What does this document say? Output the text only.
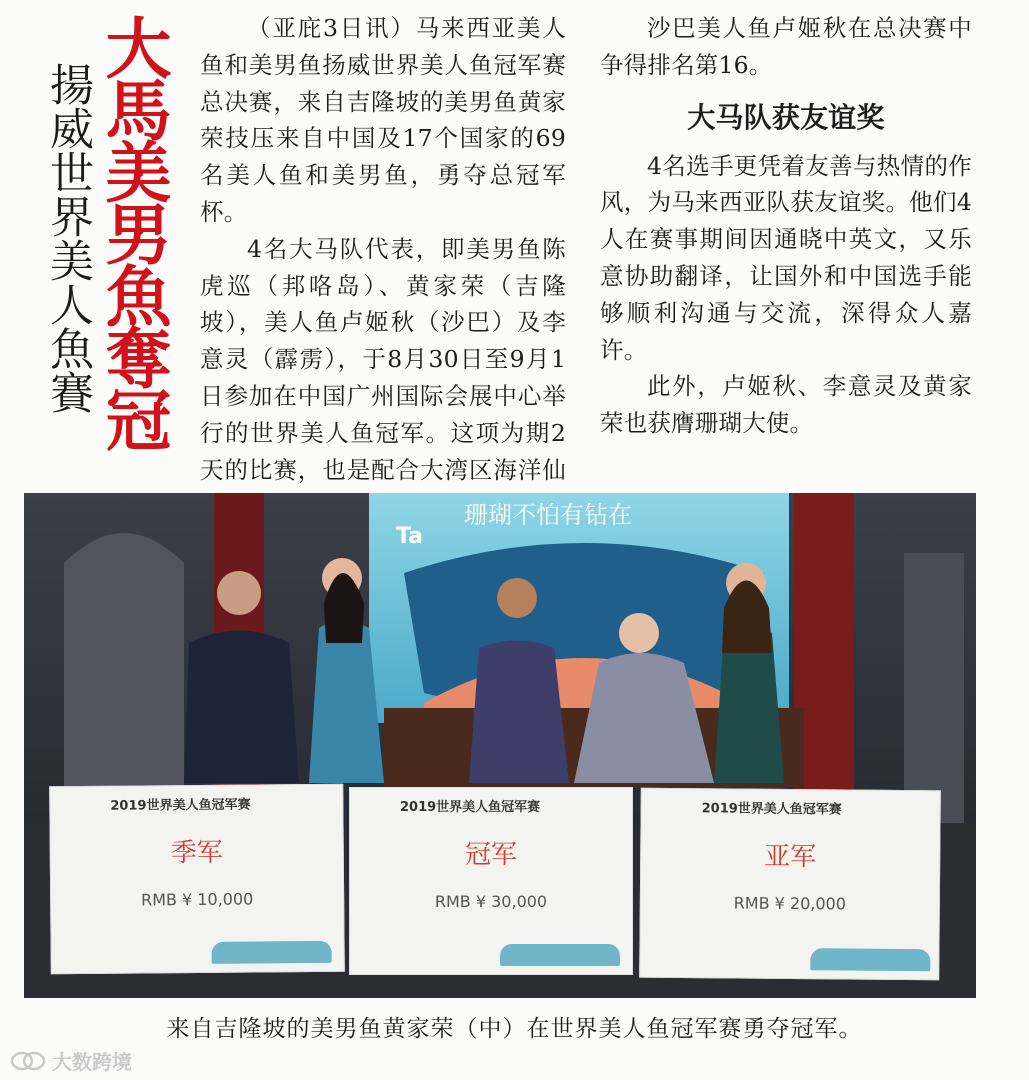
揚威世界美人魚賽 大馬美男魚奪冠	（亚庇3日讯）马来西亚美人鱼和美男鱼扬威世界美人鱼冠军赛总决赛，来自吉隆坡的美男鱼黄家荣技压来自中国及17个国家的69名美人鱼和美男鱼，勇夺总冠军杯。

4名大马队代表，即美男鱼陈虎巡（邦咯岛）、黄家荣（吉隆坡），美人鱼卢姬秋（沙巴）及李意灵（霹雳），于8月30日至9月1日参加在中国广州国际会展中心举行的世界美人鱼冠军。这项为期2天的比赛，也是配合大湾区海洋仙

沙巴美人鱼卢姬秋在总决赛中争得排名第16。

大马队获友谊奖

4名选手更凭着友善与热情的作风，为马来西亚队获友谊奖。他们4人在赛事期间因通晓中英文，又乐意协助翻译，让国外和中国选手能够顺利沟通与交流，深得众人嘉许。

此外，卢姬秋、李意灵及黄家荣也获膺珊瑚大使。

珊瑚不怕有钻在
Ta
2019世界美人鱼冠军赛
季军
RMB ¥ 10,000
2019世界美人鱼冠军赛
冠军
RMB ¥ 30,000
2019世界美人鱼冠军赛
亚军
RMB ¥ 20,000
来自吉隆坡的美男鱼黄家荣（中）在世界美人鱼冠军赛勇夺冠军。
大数跨境
